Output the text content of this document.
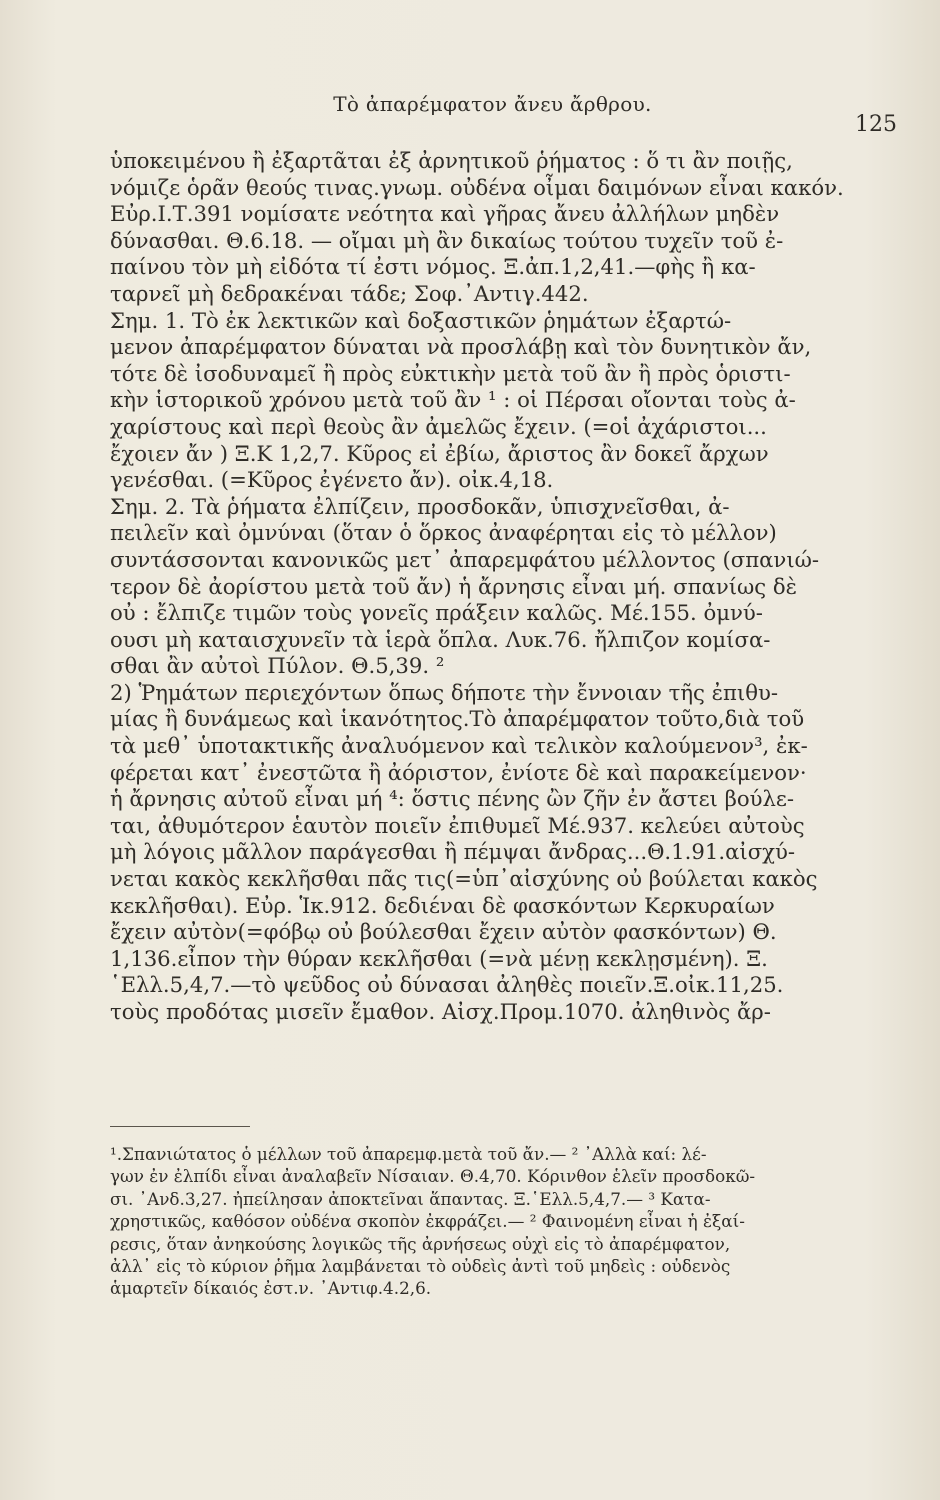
Τὸ ἀπαρέμφατον ἄνευ ἄρθρου.
125
ὑποκειμένου ἢ ἐξαρτᾶται ἐξ ἀρνητικοῦ ῥήματος : ὅ τι ἂν ποιῇς,
νόμιζε ὁρᾶν θεούς τινας.γνωμ. οὐδένα οἶμαι δαιμόνων εἶναι κακόν.
Εὐρ.Ι.Τ.391 νομίσατε νεότητα καὶ γῆρας ἄνευ ἀλλήλων μηδὲν
δύνασθαι. Θ.6.18. — οἴμαι μὴ ἂν δικαίως τούτου τυχεῖν τοῦ ἐ-
παίνου τὸν μὴ εἰδότα τί ἐστι νόμος. Ξ.ἀπ.1,2,41.—φὴς ἢ κα-
ταρνεῖ μὴ δεδρακέναι τάδε; Σοφ.᾽Αντιγ.442.
Σημ. 1. Τὸ ἐκ λεκτικῶν καὶ δοξαστικῶν ῥημάτων ἐξαρτώ-
μενον ἀπαρέμφατον δύναται νὰ προσλάβῃ καὶ τὸν δυνητικὸν ἄν,
τότε δὲ ἰσοδυναμεῖ ἢ πρὸς εὐκτικὴν μετὰ τοῦ ἂν ἢ πρὸς ὁριστι-
κὴν ἱστορικοῦ χρόνου μετὰ τοῦ ἂν ¹ : οἱ Πέρσαι οἴονται τοὺς ἀ-
χαρίστους καὶ περὶ θεοὺς ἂν ἀμελῶς ἔχειν. (=οἱ ἀχάριστοι...
ἔχοιεν ἄν ) Ξ.Κ 1,2,7. Κῦρος εἰ ἐβίω, ἄριστος ἂν δοκεῖ ἄρχων
γενέσθαι. (=Κῦρος ἐγένετο ἄν). οἰκ.4,18.
Σημ. 2. Τὰ ῥήματα ἐλπίζειν, προσδοκᾶν, ὑπισχνεῖσθαι, ἀ-
πειλεῖν καὶ ὀμνύναι (ὅταν ὁ ὅρκος ἀναφέρηται εἰς τὸ μέλλον)
συντάσσονται κανονικῶς μετ᾽ ἀπαρεμφάτου μέλλοντος (σπανιώ-
τερον δὲ ἀορίστου μετὰ τοῦ ἄν) ἡ ἄρνησις εἶναι μή. σπανίως δὲ
οὐ : ἔλπιζε τιμῶν τοὺς γονεῖς πράξειν καλῶς. Μέ.155. ὀμνύ-
ουσι μὴ καταισχυνεῖν τὰ ἱερὰ ὅπλα. Λυκ.76. ἤλπιζον κομίσα-
σθαι ἂν αὐτοὶ Πύλον. Θ.5,39. ²
2) Ῥημάτων περιεχόντων ὅπως δήποτε τὴν ἔννοιαν τῆς ἐπιθυ-
μίας ἢ δυνάμεως καὶ ἱκανότητος.Τὸ ἀπαρέμφατον τοῦτο,διὰ τοῦ
τὰ μεθ᾽ ὑποτακτικῆς ἀναλυόμενον καὶ τελικὸν καλούμενον³, ἐκ-
φέρεται κατ᾽ ἐνεστῶτα ἢ ἀόριστον, ἐνίοτε δὲ καὶ παρακείμενον·
ἡ ἄρνησις αὐτοῦ εἶναι μή ⁴: ὅστις πένης ὢν ζῆν ἐν ἄστει βούλε-
ται, ἀθυμότερον ἑαυτὸν ποιεῖν ἐπιθυμεῖ Μέ.937. κελεύει αὐτοὺς
μὴ λόγοις μᾶλλον παράγεσθαι ἢ πέμψαι ἄνδρας...Θ.1.91.αἰσχύ-
νεται κακὸς κεκλῆσθαι πᾶς τις(=ὑπ᾽αἰσχύνης οὐ βούλεται κακὸς
κεκλῆσθαι). Εὐρ. Ἱκ.912. δεδιέναι δὲ φασκόντων Κερκυραίων
ἔχειν αὐτὸν(=φόβῳ οὐ βούλεσθαι ἔχειν αὐτὸν φασκόντων) Θ.
1,136.εἶπον τὴν θύραν κεκλῆσθαι (=νὰ μένῃ κεκλῃσμένη). Ξ.
῾Ελλ.5,4,7.—τὸ ψεῦδος οὐ δύνασαι ἀληθὲς ποιεῖν.Ξ.οἰκ.11,25.
τοὺς προδότας μισεῖν ἔμαθον. Αἰσχ.Προμ.1070. ἀληθινὸς ἄρ-
¹.Σπανιώτατος ὁ μέλλων τοῦ ἀπαρεμφ.μετὰ τοῦ ἄν.— ² ᾽Αλλὰ καί: λέ-
γων ἐν ἐλπίδι εἶναι ἀναλαβεῖν Νίσαιαν. Θ.4,70. Κόρινθον ἑλεῖν προσδοκῶ-
σι. ᾽Ανδ.3,27. ἠπείλησαν ἀποκτεῖναι ἅπαντας. Ξ.῾Ελλ.5,4,7.— ³ Κατα-
χρηστικῶς, καθόσον οὐδένα σκοπὸν ἐκφράζει.— ² Φαινομένη εἶναι ἡ ἐξαί-
ρεσις, ὅταν ἀνηκούσης λογικῶς τῆς ἀρνήσεως οὐχὶ εἰς τὸ ἀπαρέμφατον,
ἀλλ᾽ εἰς τὸ κύριον ῥῆμα λαμβάνεται τὸ οὐδεὶς ἀντὶ τοῦ μηδεὶς : οὐδενὸς
ἁμαρτεῖν δίκαιός ἐστ.ν. ᾽Αντιφ.4.2,6.
